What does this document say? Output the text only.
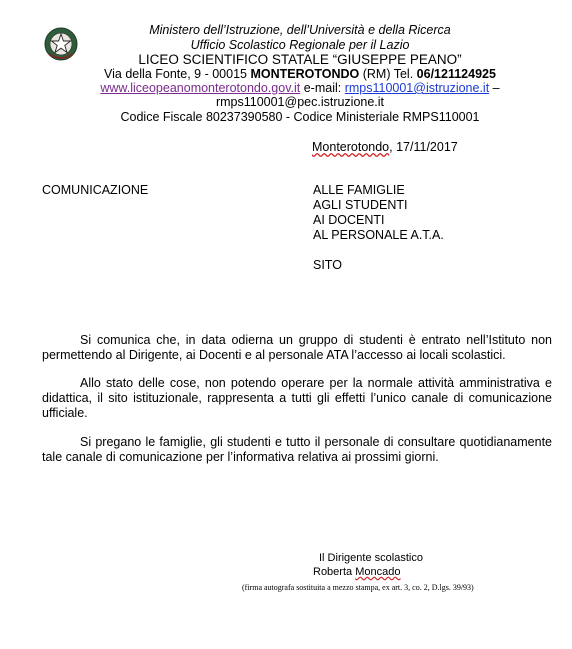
Ministero dell’Istruzione, dell’Università e della Ricerca
Ufficio Scolastico Regionale per il Lazio
LICEO SCIENTIFICO STATALE “GIUSEPPE PEANO”
Via della Fonte, 9 - 00015 MONTEROTONDO (RM) Tel. 06/121124925
www.liceopeanomonterotondo.gov.it e-mail: rmps110001@istruzione.it –
rmps110001@pec.istruzione.it
Codice Fiscale 80237390580 - Codice Ministeriale RMPS110001
Monterotondo, 17/11/2017
COMUNICAZIONE	ALLE FAMIGLIE
AGLI STUDENTI
AI DOCENTI
AL PERSONALE A.T.A.
SITO
Si comunica che, in data odierna un gruppo di studenti è entrato nell’Istituto non permettendo al Dirigente, ai Docenti e al personale ATA l’accesso ai locali scolastici.
Allo stato delle cose, non potendo operare per la normale attività amministrativa e didattica, il sito istituzionale, rappresenta a tutti gli effetti l’unico canale di comunicazione ufficiale.
Si pregano le famiglie, gli studenti e tutto il personale di consultare quotidianamente tale canale di comunicazione per l’informativa relativa ai prossimi giorni.
Il Dirigente scolastico
Roberta Moncado
(firma autografa sostituita a mezzo stampa, ex art. 3, co. 2, D.lgs. 39/93)
